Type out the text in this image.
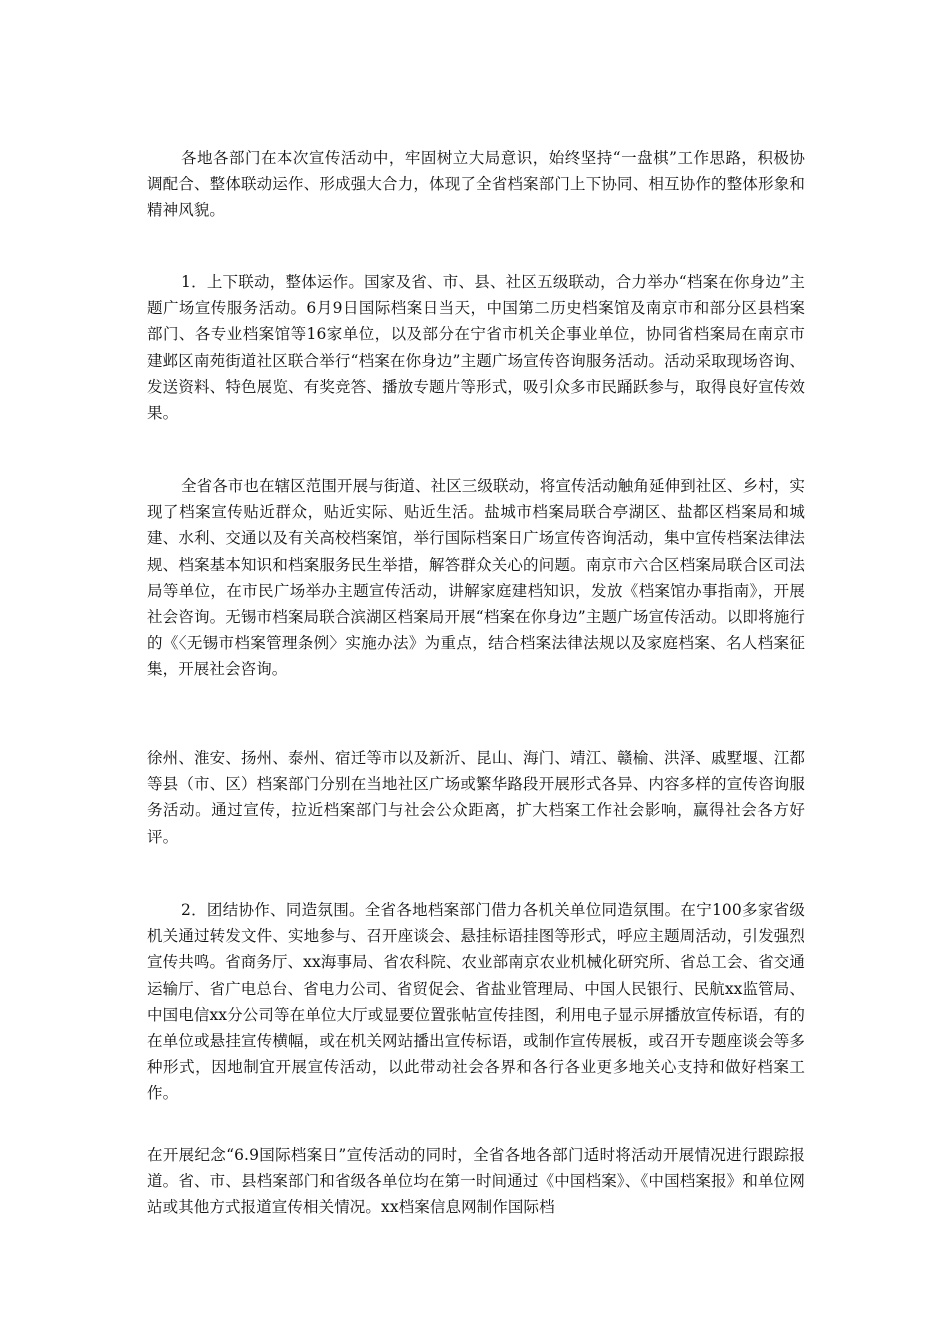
各地各部门在本次宣传活动中，牢固树立大局意识，始终坚持“一盘棋”工作思路，积极协调配合、整体联动运作、形成强大合力，体现了全省档案部门上下协同、相互协作的整体形象和精神风貌。

1．上下联动，整体运作。国家及省、市、县、社区五级联动，合力举办“档案在你身边”主题广场宣传服务活动。6月9日国际档案日当天，中国第二历史档案馆及南京市和部分区县档案部门、各专业档案馆等16家单位，以及部分在宁省市机关企事业单位，协同省档案局在南京市建邺区南苑街道社区联合举行“档案在你身边”主题广场宣传咨询服务活动。活动采取现场咨询、发送资料、特色展览、有奖竞答、播放专题片等形式，吸引众多市民踊跃参与，取得良好宣传效果。

全省各市也在辖区范围开展与街道、社区三级联动，将宣传活动触角延伸到社区、乡村，实现了档案宣传贴近群众，贴近实际、贴近生活。盐城市档案局联合亭湖区、盐都区档案局和城建、水利、交通以及有关高校档案馆，举行国际档案日广场宣传咨询活动，集中宣传档案法律法规、档案基本知识和档案服务民生举措，解答群众关心的问题。南京市六合区档案局联合区司法局等单位，在市民广场举办主题宣传活动，讲解家庭建档知识，发放《档案馆办事指南》，开展社会咨询。无锡市档案局联合滨湖区档案局开展“档案在你身边”主题广场宣传活动。以即将施行的《〈无锡市档案管理条例〉实施办法》为重点，结合档案法律法规以及家庭档案、名人档案征集，开展社会咨询。

徐州、淮安、扬州、泰州、宿迁等市以及新沂、昆山、海门、靖江、赣榆、洪泽、戚墅堰、江都等县（市、区）档案部门分别在当地社区广场或繁华路段开展形式各异、内容多样的宣传咨询服务活动。通过宣传，拉近档案部门与社会公众距离，扩大档案工作社会影响，赢得社会各方好评。

2．团结协作、同造氛围。全省各地档案部门借力各机关单位同造氛围。在宁100多家省级机关通过转发文件、实地参与、召开座谈会、悬挂标语挂图等形式，呼应主题周活动，引发强烈宣传共鸣。省商务厅、xx海事局、省农科院、农业部南京农业机械化研究所、省总工会、省交通运输厅、省广电总台、省电力公司、省贸促会、省盐业管理局、中国人民银行、民航xx监管局、中国电信xx分公司等在单位大厅或显要位置张帖宣传挂图，利用电子显示屏播放宣传标语，有的在单位或悬挂宣传横幅，或在机关网站播出宣传标语，或制作宣传展板，或召开专题座谈会等多种形式，因地制宜开展宣传活动，以此带动社会各界和各行各业更多地关心支持和做好档案工作。

在开展纪念“6.9国际档案日”宣传活动的同时，全省各地各部门适时将活动开展情况进行跟踪报道。省、市、县档案部门和省级各单位均在第一时间通过《中国档案》、《中国档案报》和单位网站或其他方式报道宣传相关情况。xx档案信息网制作国际档
